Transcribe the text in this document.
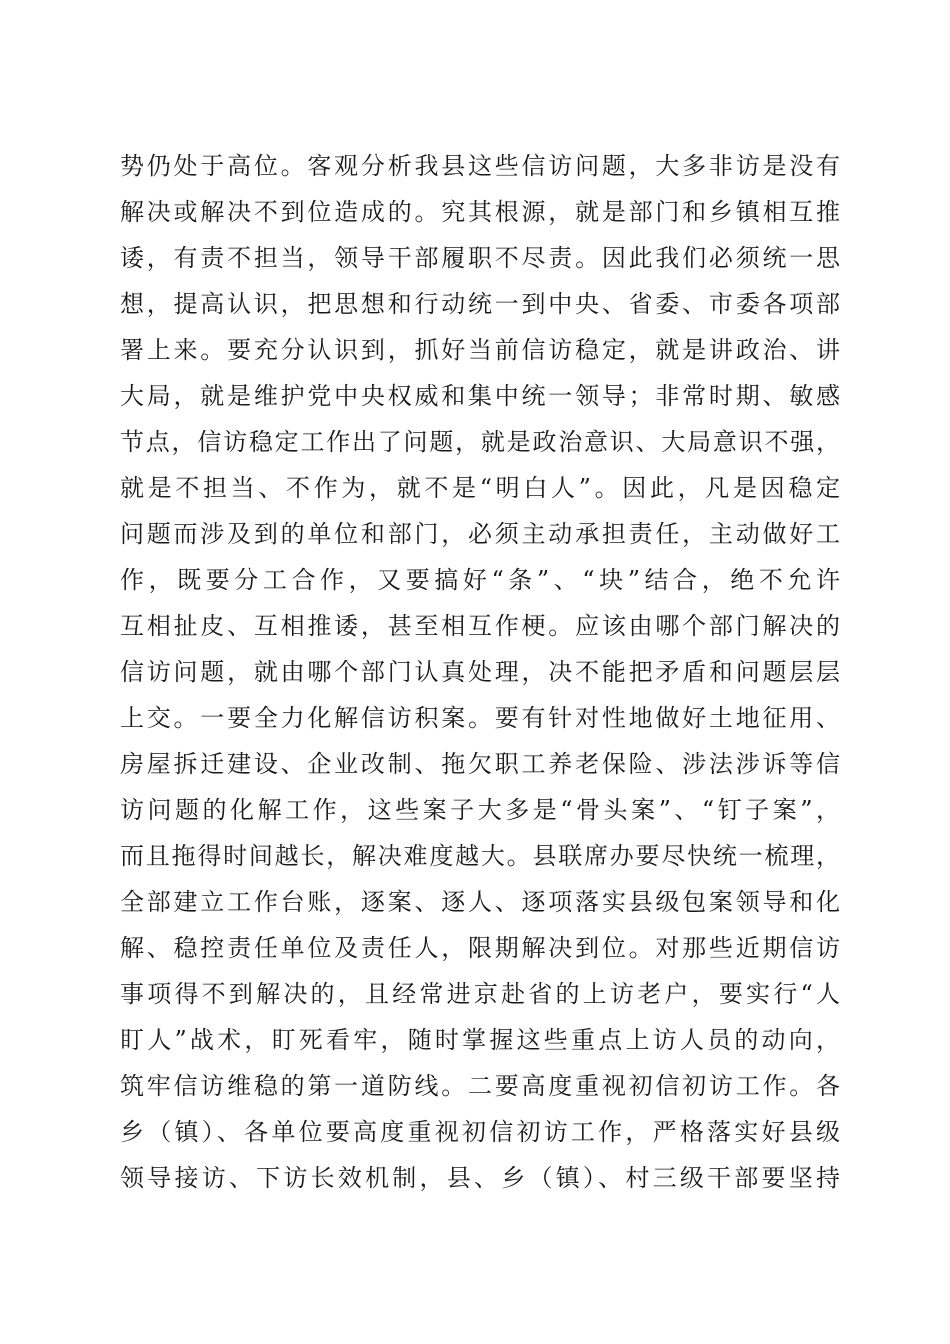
势仍处于高位。客观分析我县这些信访问题，大多非访是没有
解决或解决不到位造成的。究其根源，就是部门和乡镇相互推
诿，有责不担当，领导干部履职不尽责。因此我们必须统一思
想，提高认识，把思想和行动统一到中央、省委、市委各项部
署上来。要充分认识到，抓好当前信访稳定，就是讲政治、讲
大局，就是维护党中央权威和集中统一领导；非常时期、敏感
节点，信访稳定工作出了问题，就是政治意识、大局意识不强，
就是不担当、不作为，就不是“明白人”。因此，凡是因稳定
问题而涉及到的单位和部门，必须主动承担责任，主动做好工
作，既要分工合作，又要搞好“条”、“块”结合，绝不允许
互相扯皮、互相推诿，甚至相互作梗。应该由哪个部门解决的
信访问题，就由哪个部门认真处理，决不能把矛盾和问题层层
上交。一要全力化解信访积案。要有针对性地做好土地征用、
房屋拆迁建设、企业改制、拖欠职工养老保险、涉法涉诉等信
访问题的化解工作，这些案子大多是“骨头案”、“钉子案”，
而且拖得时间越长，解决难度越大。县联席办要尽快统一梳理，
全部建立工作台账，逐案、逐人、逐项落实县级包案领导和化
解、稳控责任单位及责任人，限期解决到位。对那些近期信访
事项得不到解决的，且经常进京赴省的上访老户，要实行“人
盯人”战术，盯死看牢，随时掌握这些重点上访人员的动向，
筑牢信访维稳的第一道防线。二要高度重视初信初访工作。各
乡（镇）、各单位要高度重视初信初访工作，严格落实好县级
领导接访、下访长效机制，县、乡（镇）、村三级干部要坚持
